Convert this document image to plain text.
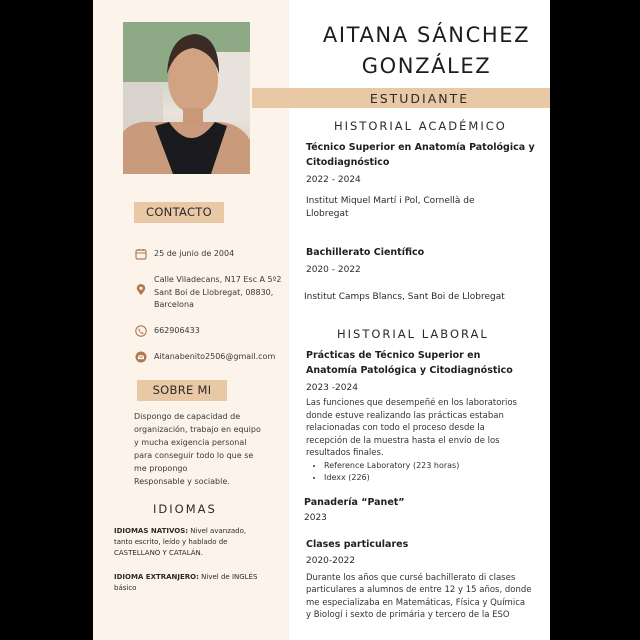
CONTACTO
25 de junio de 2004
Calle Viladecans, N17 Esc A 5º2
Sant Boi de Llobregat, 08830,
Barcelona
662906433
Aitanabenito2506@gmail.com
SOBRE MI
Dispongo de capacidad de
organización, trabajo en equipo
y mucha exigencia personal
para conseguir todo lo que se
me propongo
Responsable y sociable.
IDIOMAS
IDIOMAS NATIVOS: Nivel avanzado,
tanto escrito, leído y hablado de
CASTELLANO Y CATALÁN.
IDIOMA EXTRANJERO: Nivel de INGLÉS
básico
AITANA SÁNCHEZ
GONZÁLEZ
ESTUDIANTE
HISTORIAL ACADÉMICO
Técnico Superior en Anatomía Patológica y
Citodiagnóstico
2022 - 2024
Institut Miquel Martí i Pol, Cornellà de
Llobregat
Bachillerato Científico
2020 - 2022
Institut Camps Blancs, Sant Boi de Llobregat
HISTORIAL LABORAL
Prácticas de Técnico Superior en
Anatomía Patológica y Citodiagnóstico
2023 -2024
Las funciones que desempeñé en los laboratorios
donde estuve realizando las prácticas estaban
relacionadas con todo el proceso desde la
recepción de la muestra hasta el envío de los
resultados finales.
• Reference Laboratory (223 horas)
• Idexx (226)
Panadería “Panet”
2023
Clases particulares
2020-2022
Durante los años que cursé bachillerato di clases
particulares a alumnos de entre 12 y 15 años, donde
me especializaba en Matemáticas, Física y Química
y Biologí i sexto de primária y tercero de la ESO
